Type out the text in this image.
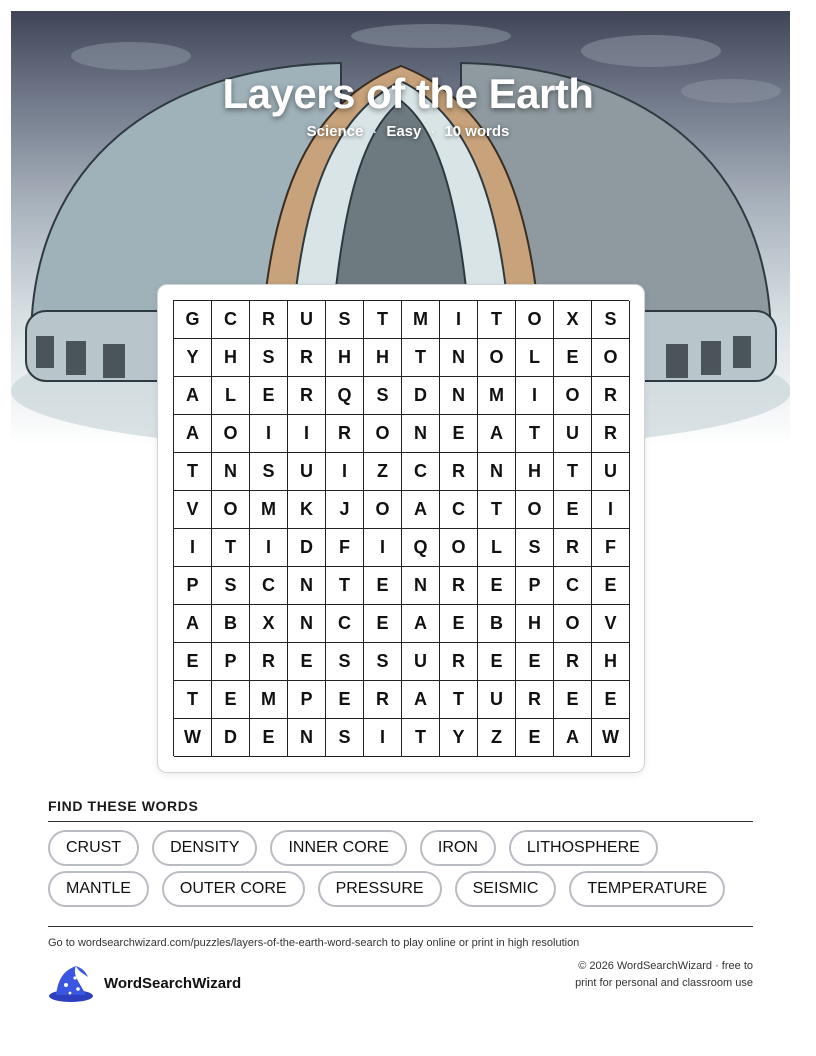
Layers of the Earth
Science · Easy · 10 words
G	C	R	U	S	T	M	I	T	O	X	S
Y	H	S	R	H	H	T	N	O	L	E	O
A	L	E	R	Q	S	D	N	M	I	O	R
A	O	I	I	R	O	N	E	A	T	U	R
T	N	S	U	I	Z	C	R	N	H	T	U
V	O	M	K	J	O	A	C	T	O	E	I
I	T	I	D	F	I	Q	O	L	S	R	F
P	S	C	N	T	E	N	R	E	P	C	E
A	B	X	N	C	E	A	E	B	H	O	V
E	P	R	E	S	S	U	R	E	E	R	H
T	E	M	P	E	R	A	T	U	R	E	E
W	D	E	N	S	I	T	Y	Z	E	A	W
FIND THESE WORDS
CRUST	DENSITY	INNER CORE	IRON	LITHOSPHERE
MANTLE	OUTER CORE	PRESSURE	SEISMIC	TEMPERATURE
Go to wordsearchwizard.com/puzzles/layers-of-the-earth-word-search to play online or print in high resolution
WordSearchWizard
© 2026 WordSearchWizard · free to print for personal and classroom use
